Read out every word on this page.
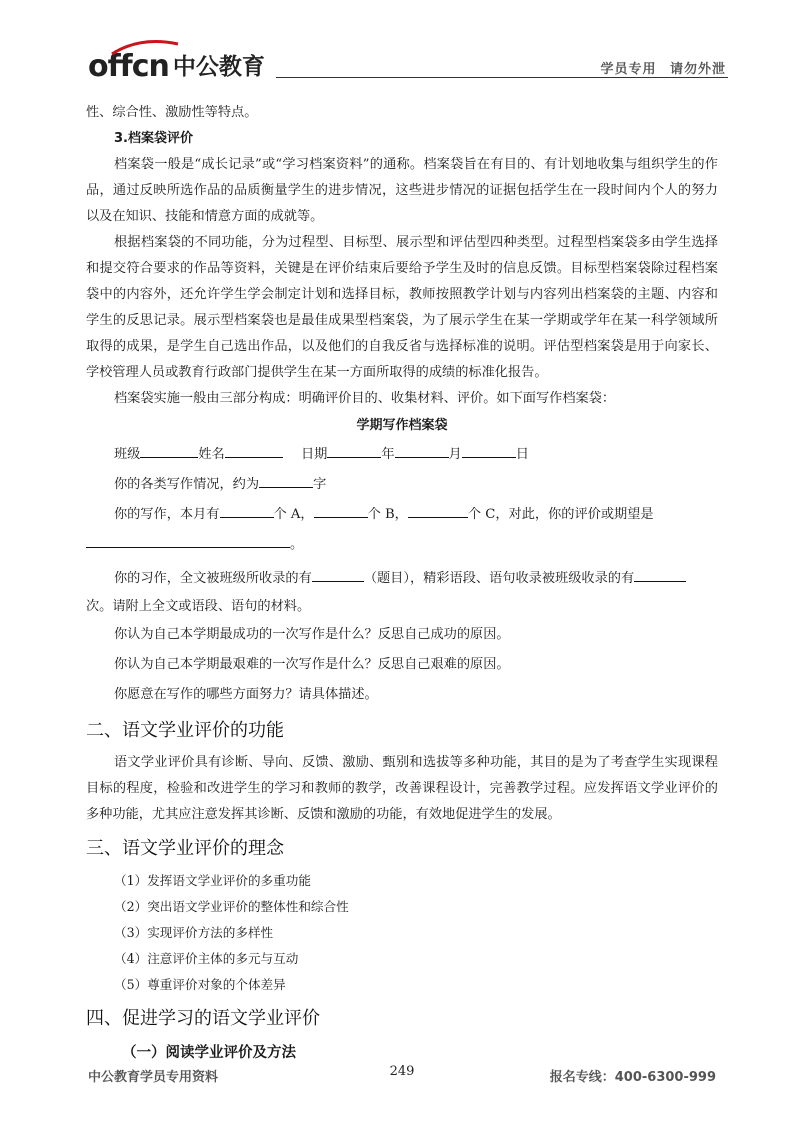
offcn 中公教育	学员专用 请勿外泄

性、综合性、激励性等特点。

3.档案袋评价

档案袋一般是“成长记录”或“学习档案资料”的通称。档案袋旨在有目的、有计划地收集与组织学生的作品，通过反映所选作品的品质衡量学生的进步情况，这些进步情况的证据包括学生在一段时间内个人的努力以及在知识、技能和情意方面的成就等。

根据档案袋的不同功能，分为过程型、目标型、展示型和评估型四种类型。过程型档案袋多由学生选择和提交符合要求的作品等资料，关键是在评价结束后要给予学生及时的信息反馈。目标型档案袋除过程档案袋中的内容外，还允许学生学会制定计划和选择目标，教师按照教学计划与内容列出档案袋的主题、内容和学生的反思记录。展示型档案袋也是最佳成果型档案袋，为了展示学生在某一学期或学年在某一科学领域所取得的成果，是学生自己选出作品，以及他们的自我反省与选择标准的说明。评估型档案袋是用于向家长、学校管理人员或教育行政部门提供学生在某一方面所取得的成绩的标准化报告。

档案袋实施一般由三部分构成：明确评价目的、收集材料、评价。如下面写作档案袋：

学期写作档案袋
班级	姓名	日期	年	月	日
你的各类写作情况，约为	字
你的写作，本月有	个 A，	个 B，	个 C，对此，你的评价或期望是
。
你的习作，全文被班级所收录的有	（题目），精彩语段、语句收录被班级收录的有

次。请附上全文或语段、语句的材料。

你认为自己本学期最成功的一次写作是什么？反思自己成功的原因。
你认为自己本学期最艰难的一次写作是什么？反思自己艰难的原因。
你愿意在写作的哪些方面努力？请具体描述。
二、语文学业评价的功能

语文学业评价具有诊断、导向、反馈、激励、甄别和选拔等多种功能，其目的是为了考查学生实现课程目标的程度，检验和改进学生的学习和教师的教学，改善课程设计，完善教学过程。应发挥语文学业评价的多种功能，尤其应注意发挥其诊断、反馈和激励的功能，有效地促进学生的发展。

三、语文学业评价的理念
（1）发挥语文学业评价的多重功能
（2）突出语文学业评价的整体性和综合性
（3）实现评价方法的多样性
（4）注意评价主体的多元与互动
（5）尊重评价对象的个体差异
四、促进学习的语文学业评价
（一）阅读学业评价及方法
中公教育学员专用资料	249	报名专线：400-6300-999
